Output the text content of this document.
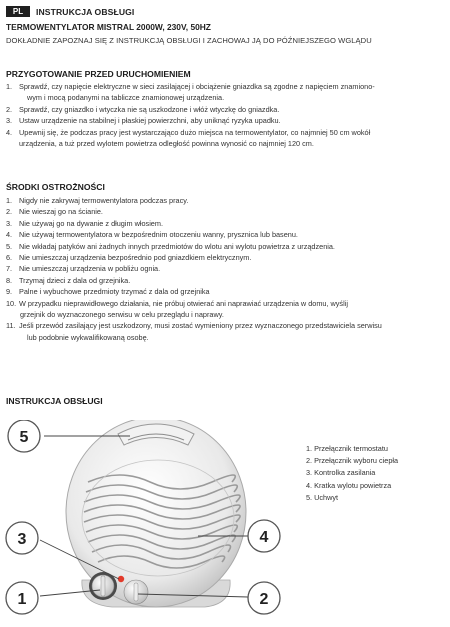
PL	INSTRUKCJA OBSŁUGI
TERMOWENTYLATOR MISTRAL 2000W, 230V, 50HZ
DOKŁADNIE ZAPOZNAJ SIĘ Z INSTRUKCJĄ OBSŁUGI I ZACHOWAJ JĄ DO PÓŹNIEJSZEGO WGLĄDU
PRZYGOTOWANIE PRZED URUCHOMIENIEM
1. Sprawdź, czy napięcie elektryczne w sieci zasilającej i obciążenie gniazdka są zgodne z napięciem znamiono-
wym i mocą podanymi na tabliczce znamionowej urządzenia.
2. Sprawdź, czy gniazdko i wtyczka nie są uszkodzone i włóż wtyczkę do gniazdka.
3. Ustaw urządzenie na stabilnej i płaskiej powierzchni, aby uniknąć ryzyka upadku.
4. Upewnij się, że podczas pracy jest wystarczająco dużo miejsca na termowentylator, co najmniej 50 cm wokół
urządzenia, a tuż przed wylotem powietrza odległość powinna wynosić co najmniej 120 cm.
ŚRODKI OSTROŻNOŚCI
1. Nigdy nie zakrywaj termowentylatora podczas pracy.
2. Nie wieszaj go na ścianie.
3. Nie używaj go na dywanie z długim włosiem.
4. Nie używaj termowentylatora w bezpośrednim otoczeniu wanny, prysznica lub basenu.
5. Nie wkładaj patyków ani żadnych innych przedmiotów do wlotu ani wylotu powietrza z urządzenia.
6. Nie umieszczaj urządzenia bezpośrednio pod gniazdkiem elektrycznym.
7. Nie umieszczaj urządzenia w pobliżu ognia.
8. Trzymaj dzieci z dala od grzejnika.
9. Palne i wybuchowe przedmioty trzymać z dala od grzejnika
10. W przypadku nieprawidłowego działania, nie próbuj otwierać ani naprawiać urządzenia w domu, wyślij
grzejnik do wyznaczonego serwisu w celu przeglądu i naprawy.
11. Jeśli przewód zasilający jest uszkodzony, musi zostać wymieniony przez wyznaczonego przedstawiciela serwisu
lub podobnie wykwalifikowaną osobę.
INSTRUKCJA OBSŁUGI
5
3
1
4
2
1. Przełącznik termostatu
2. Przełącznik wyboru ciepła
3. Kontrolka zasilania
4. Kratka wylotu powietrza
5. Uchwyt
